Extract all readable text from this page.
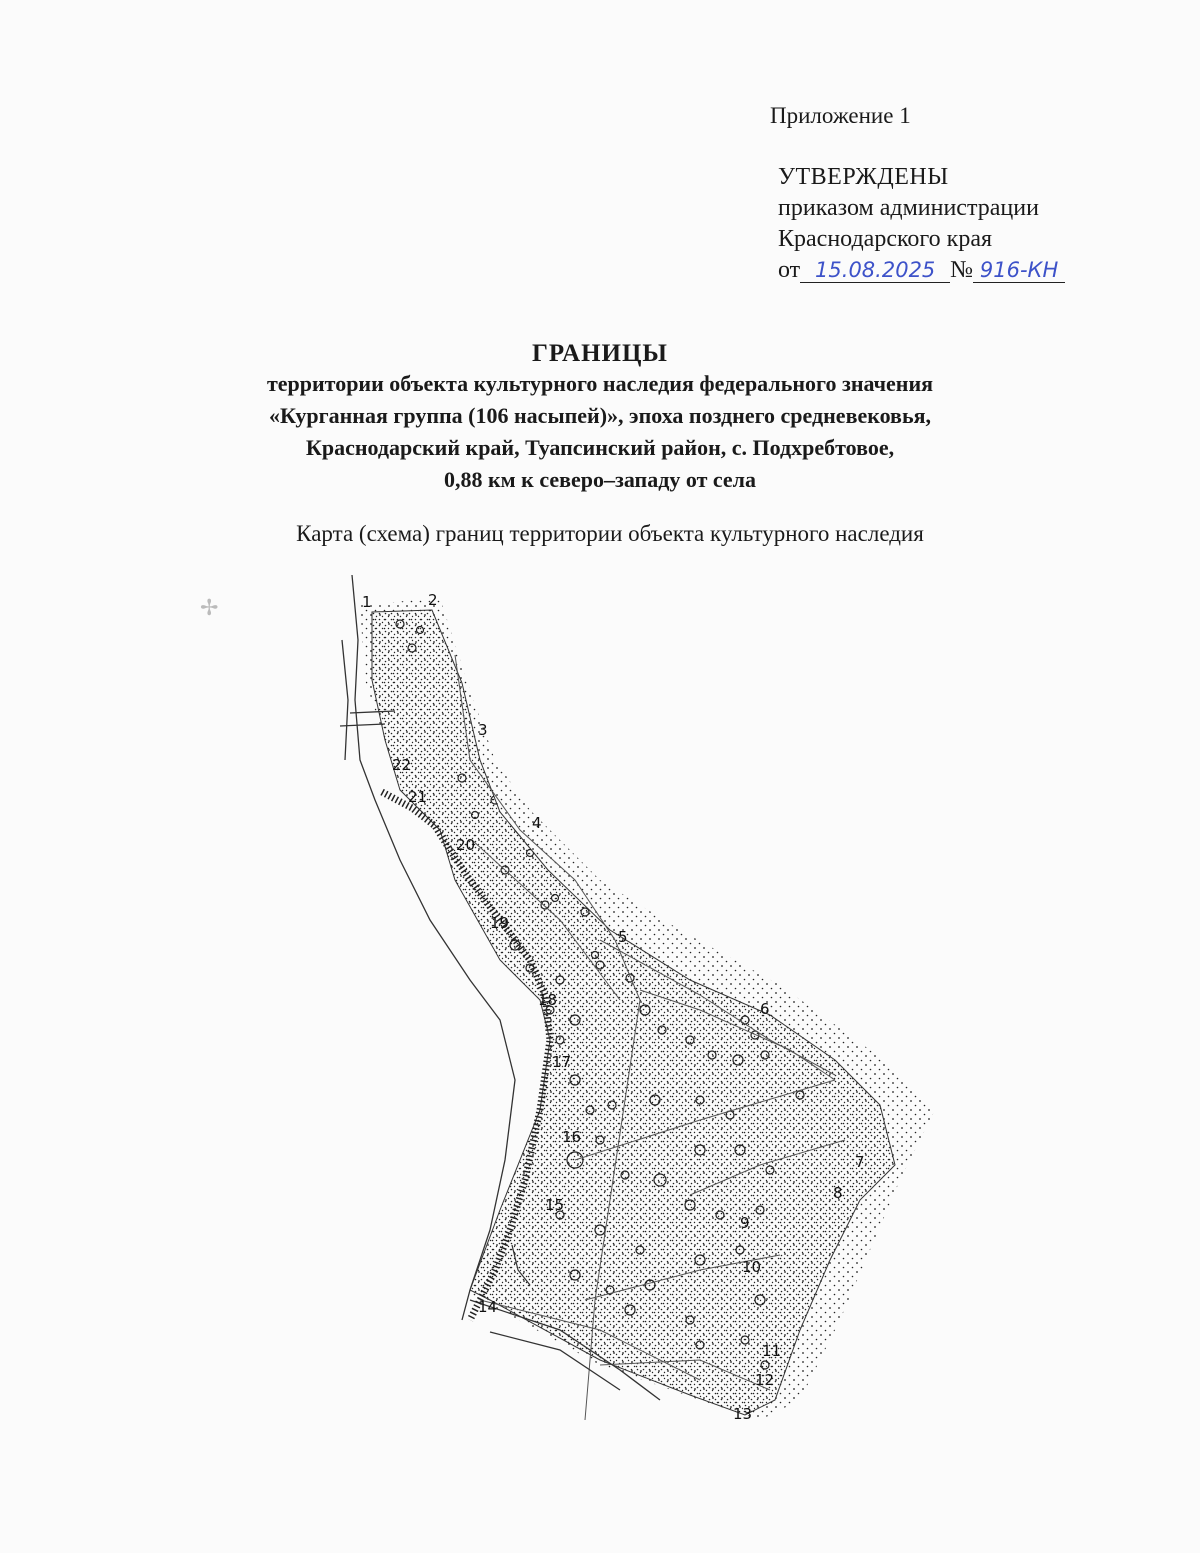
Приложение 1
УТВЕРЖДЕНЫ
приказом администрации
Краснодарского края
от 15.08.2025 № 916-КН
ГРАНИЦЫ
территории объекта культурного наследия федерального значения
«Курганная группа (106 насыпей)», эпоха позднего средневековья,
Краснодарский край, Туапсинский район, с. Подхребтовое,
0,88 км к северо–западу от села
Карта (схема) границ территории объекта культурного наследия
✢	1	2
3
4
5
6
7
8
9
10
11
12
13
14
15
16
17
18
19
20
21
22
